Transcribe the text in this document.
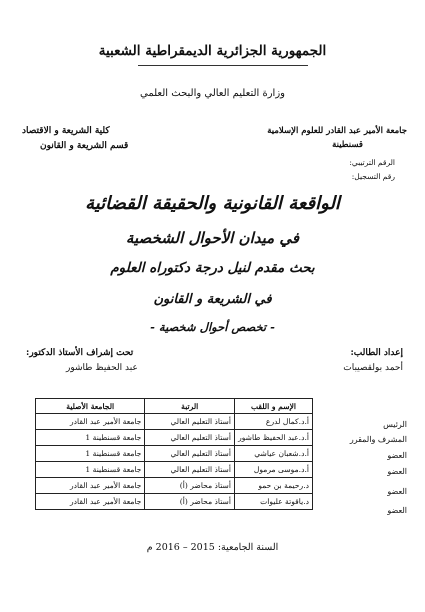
الجمهورية الجزائرية الديمقراطية الشعبية
وزارة التعليم العالي والبحث العلمي
جامعة الأمير عبد القادر للعلوم الإسلامية
قسنطينة
كلية الشريعة و الاقتصاد
قسم الشريعة و القانون
الرقم الترتيبي:
رقم التسجيل:
الواقعة القانونية والحقيقة القضائية
في ميدان الأحوال الشخصية
بحث مقدم لنيل درجة دكتوراه العلوم
في الشريعة و القانون
- تخصص أحوال شخصية -
إعداد الطالب:
أحمد بولقصيبات
تحت إشراف الأستاذ الدكتور:
عبد الحفيظ طاشور
الرئيس
المشرف والمقرر
العضو
العضو
العضو
العضو
الإسم و اللقب	الرتبة	الجامعة الأصلية
أ.د.كمال لدرع	أستاذ التعليم العالي	جامعة الأمير عبد القادر
أ.د.عبد الحفيظ طاشور	أستاذ التعليم العالي	جامعة قسنطينة 1
أ.د.شعبان عياشي	أستاذ التعليم العالي	جامعة قسنطينة 1
أ.د.موسى مرمول	أستاذ التعليم العالي	جامعة قسنطينة 1
د.رحيمة بن حمو	أستاذ محاضر (أ)	جامعة الأمير عبد القادر
د.ياقوتة عليوات	أستاذ محاضر (أ)	جامعة الأمير عبد القادر
السنة الجامعية: 2015 – 2016 م
